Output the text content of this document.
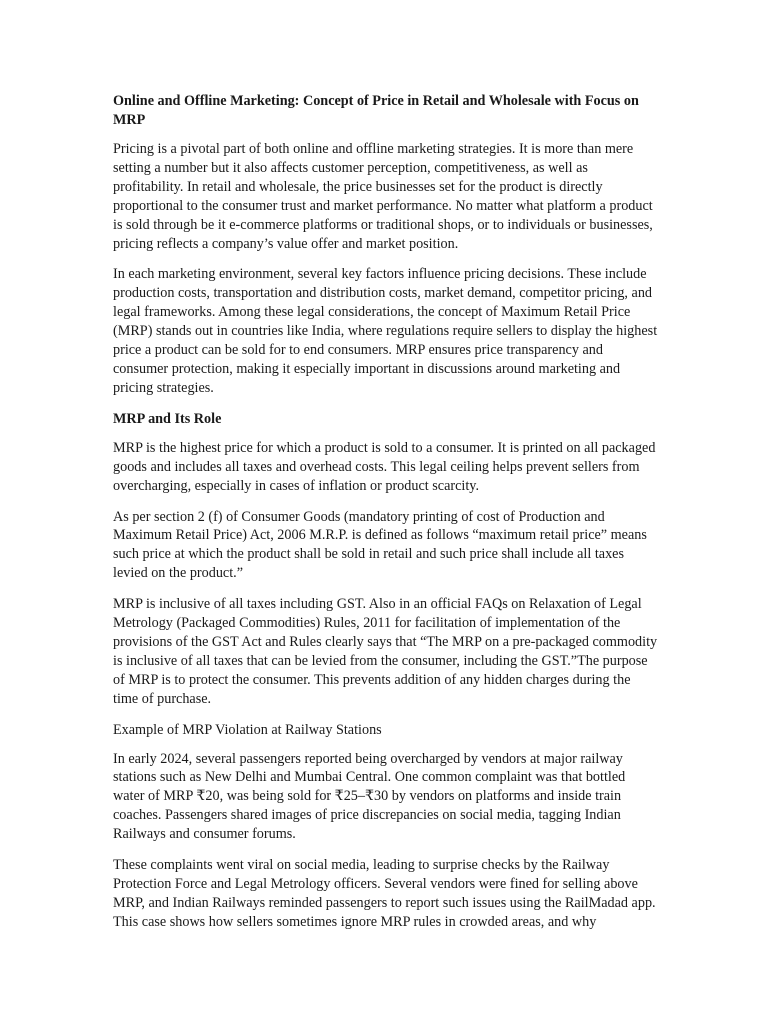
Online and Offline Marketing: Concept of Price in Retail and Wholesale with Focus on MRP

Pricing is a pivotal part of both online and offline marketing strategies. It is more than mere setting a number but it also affects customer perception, competitiveness, as well as profitability. In retail and wholesale, the price businesses set for the product is directly proportional to the consumer trust and market performance. No matter what platform a product is sold through be it e-commerce platforms or traditional shops, or to individuals or businesses, pricing reflects a company’s value offer and market position.

In each marketing environment, several key factors influence pricing decisions. These include production costs, transportation and distribution costs, market demand, competitor pricing, and legal frameworks. Among these legal considerations, the concept of Maximum Retail Price (MRP) stands out in countries like India, where regulations require sellers to display the highest price a product can be sold for to end consumers. MRP ensures price transparency and consumer protection, making it especially important in discussions around marketing and pricing strategies.

MRP and Its Role

MRP is the highest price for which a product is sold to a consumer. It is printed on all packaged goods and includes all taxes and overhead costs. This legal ceiling helps prevent sellers from overcharging, especially in cases of inflation or product scarcity.

As per section 2 (f) of Consumer Goods (mandatory printing of cost of Production and Maximum Retail Price) Act, 2006 M.R.P. is defined as follows “maximum retail price” means such price at which the product shall be sold in retail and such price shall include all taxes levied on the product.”

MRP is inclusive of all taxes including GST. Also in an official FAQs on Relaxation of Legal Metrology (Packaged Commodities) Rules, 2011 for facilitation of implementation of the provisions of the GST Act and Rules clearly says that “The MRP on a pre-packaged commodity is inclusive of all taxes that can be levied from the consumer, including the GST.”The purpose of MRP is to protect the consumer. This prevents addition of any hidden charges during the time of purchase.

Example of MRP Violation at Railway Stations

In early 2024, several passengers reported being overcharged by vendors at major railway stations such as New Delhi and Mumbai Central. One common complaint was that bottled water of MRP ₹20, was being sold for ₹25–₹30 by vendors on platforms and inside train coaches. Passengers shared images of price discrepancies on social media, tagging Indian Railways and consumer forums.

These complaints went viral on social media, leading to surprise checks by the Railway Protection Force and Legal Metrology officers. Several vendors were fined for selling above MRP, and Indian Railways reminded passengers to report such issues using the RailMadad app. This case shows how sellers sometimes ignore MRP rules in crowded areas, and why
